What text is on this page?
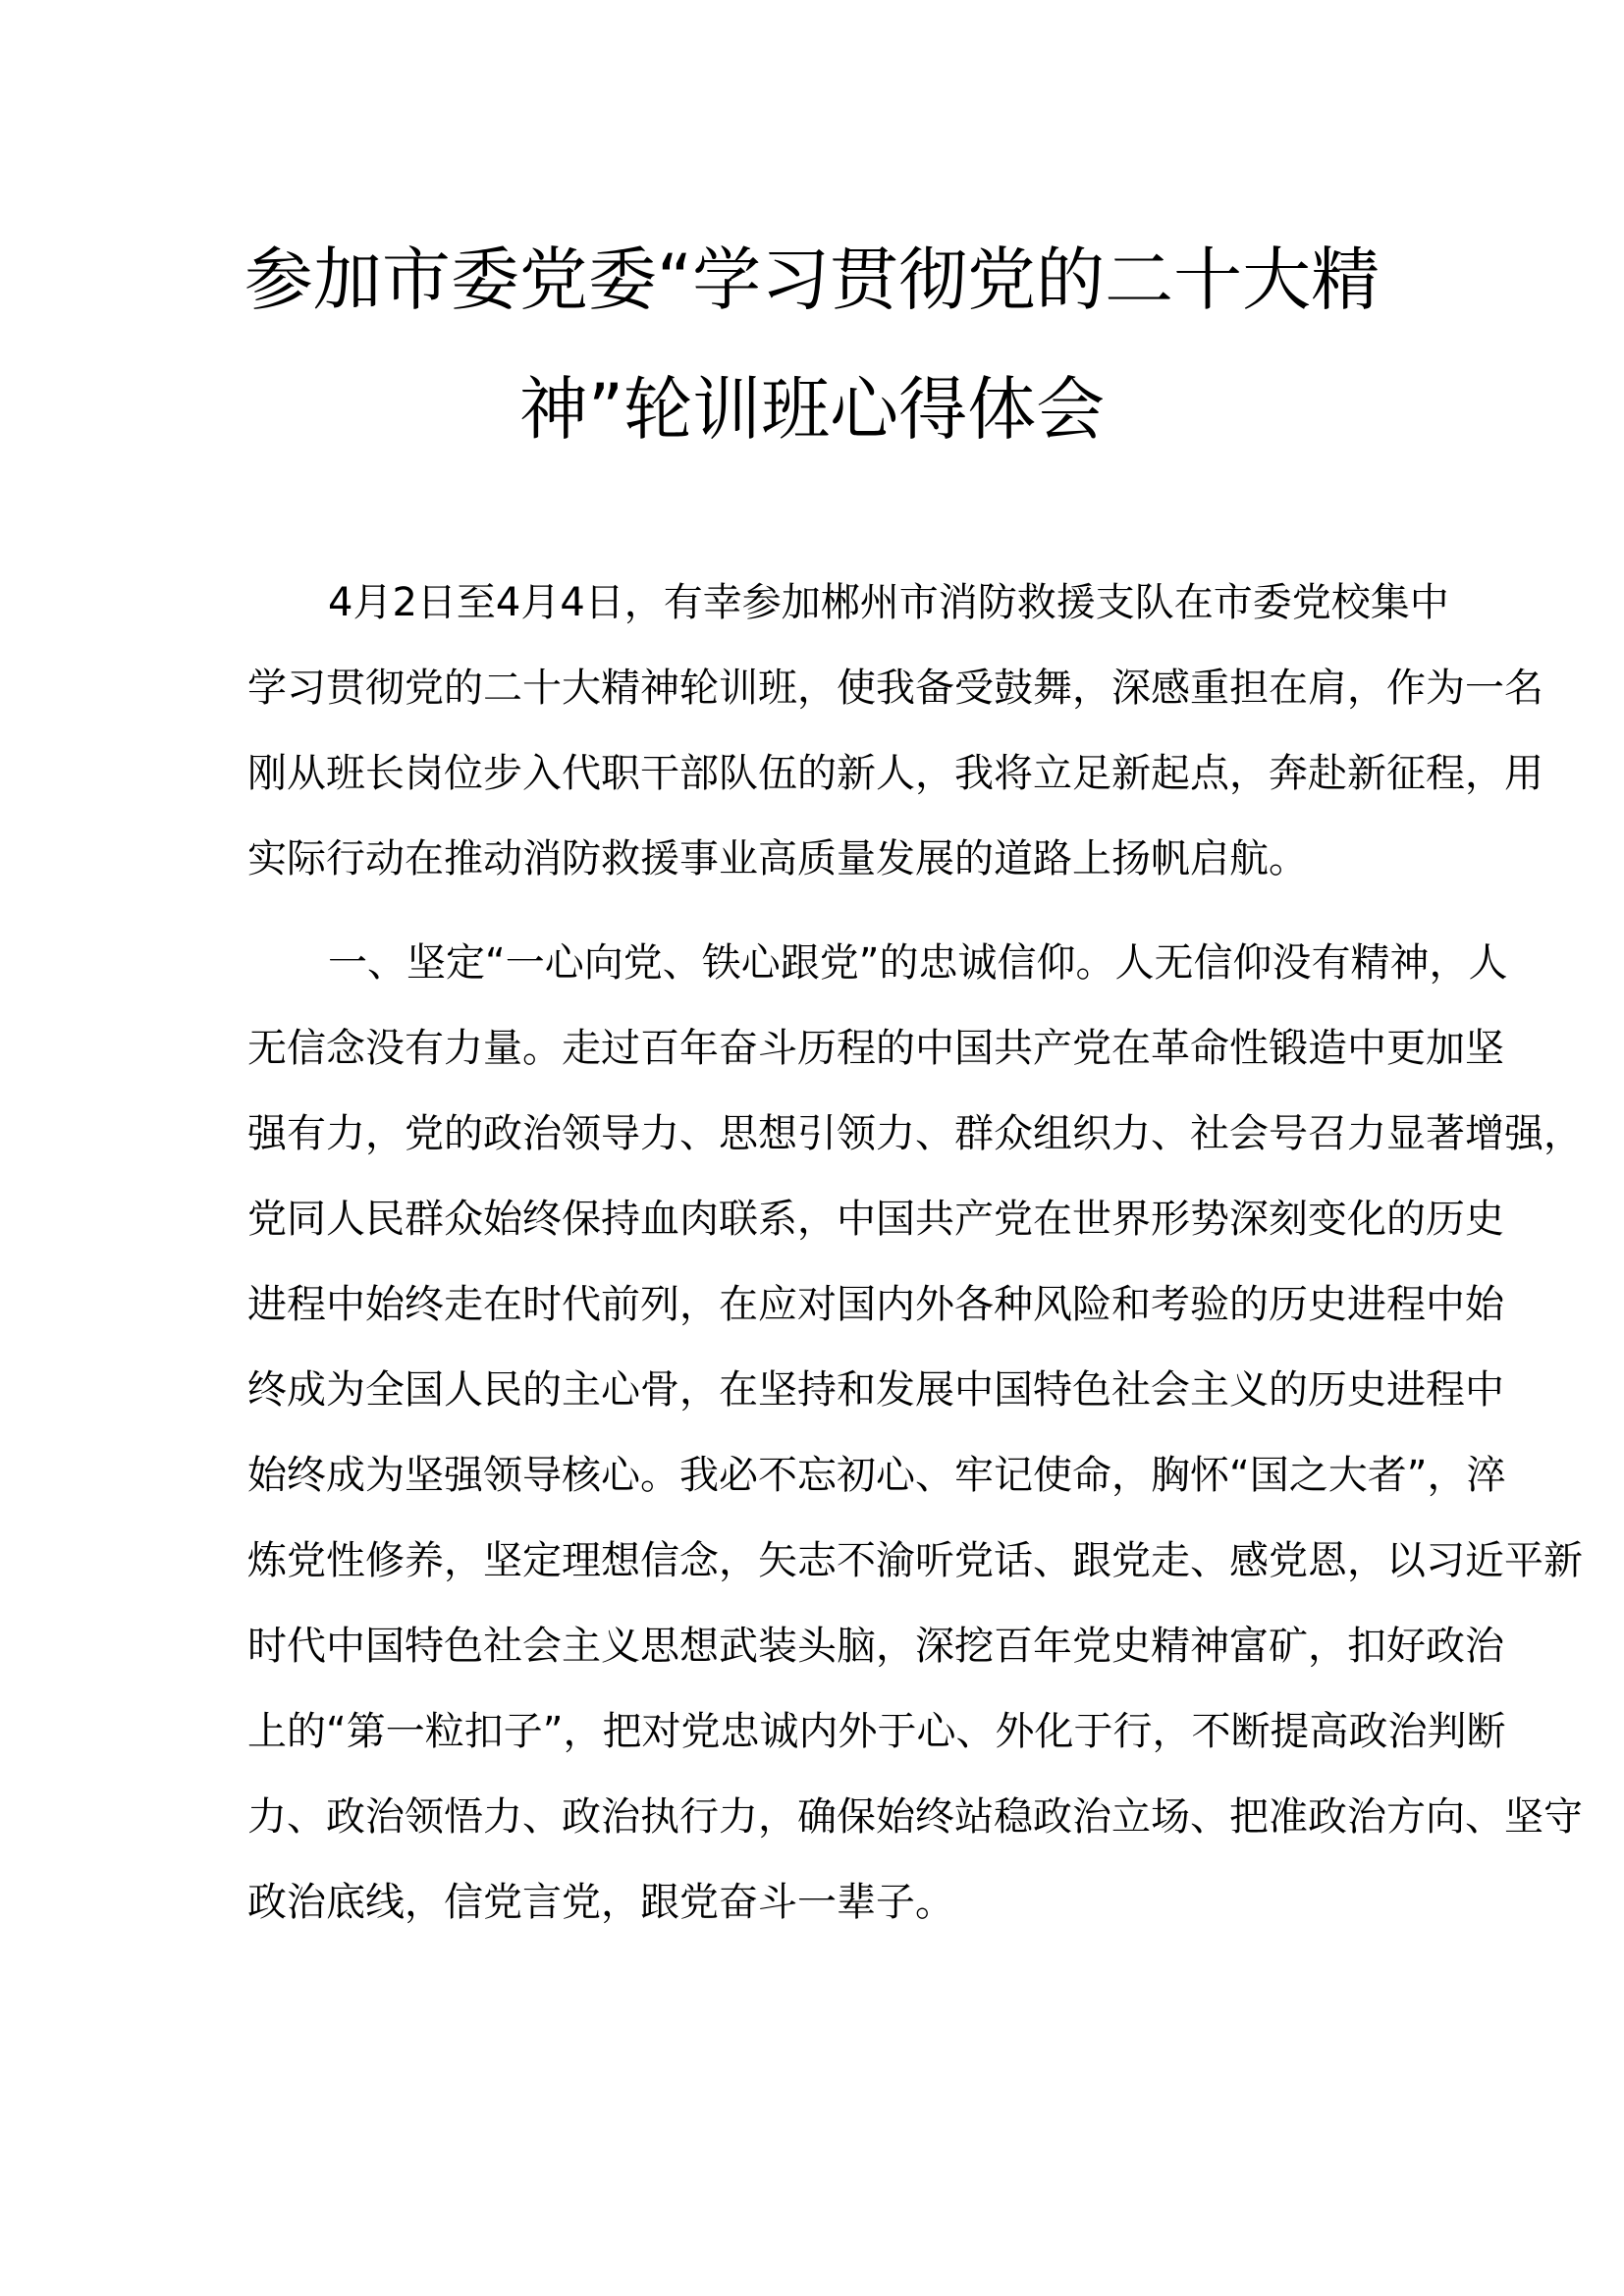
参加市委党委“学习贯彻党的二十大精
神”轮训班心得体会
4月2日至4月4日，有幸参加郴州市消防救援支队在市委党校集中
学习贯彻党的二十大精神轮训班，使我备受鼓舞，深感重担在肩，作为一名
刚从班长岗位步入代职干部队伍的新人，我将立足新起点，奔赴新征程，用
实际行动在推动消防救援事业高质量发展的道路上扬帆启航。
一、坚定“一心向党、铁心跟党”的忠诚信仰。人无信仰没有精神，人
无信念没有力量。走过百年奋斗历程的中国共产党在革命性锻造中更加坚
强有力，党的政治领导力、思想引领力、群众组织力、社会号召力显著增强，
党同人民群众始终保持血肉联系，中国共产党在世界形势深刻变化的历史
进程中始终走在时代前列，在应对国内外各种风险和考验的历史进程中始
终成为全国人民的主心骨，在坚持和发展中国特色社会主义的历史进程中
始终成为坚强领导核心。我必不忘初心、牢记使命，胸怀“国之大者”，淬
炼党性修养，坚定理想信念，矢志不渝听党话、跟党走、感党恩，以习近平新
时代中国特色社会主义思想武装头脑，深挖百年党史精神富矿，扣好政治
上的“第一粒扣子”，把对党忠诚内外于心、外化于行，不断提高政治判断
力、政治领悟力、政治执行力，确保始终站稳政治立场、把准政治方向、坚守
政治底线，信党言党，跟党奋斗一辈子。
